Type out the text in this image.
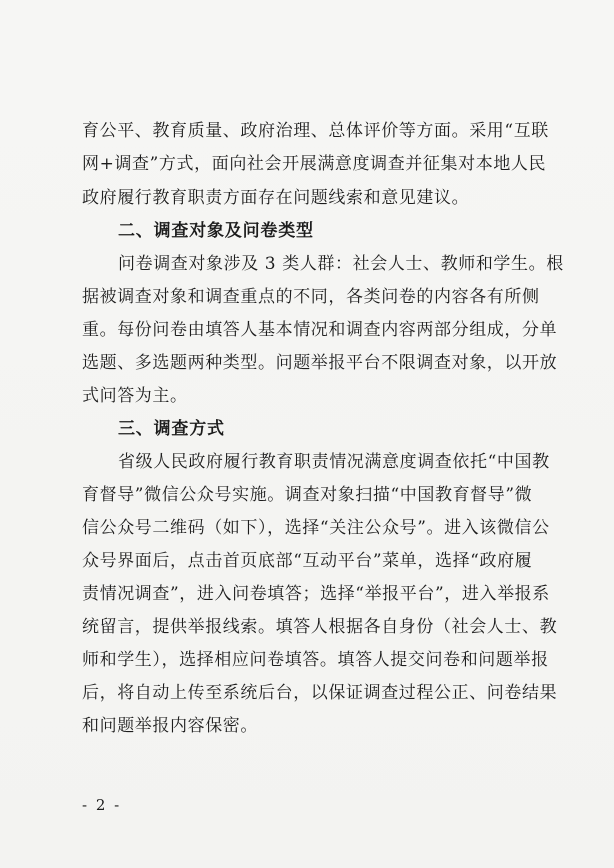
育公平、教育质量、政府治理、总体评价等方面。采用“互联
网+调查”方式，面向社会开展满意度调查并征集对本地人民
政府履行教育职责方面存在问题线索和意见建议。
二、调查对象及问卷类型
问卷调查对象涉及 3 类人群：社会人士、教师和学生。根
据被调查对象和调查重点的不同，各类问卷的内容各有所侧
重。每份问卷由填答人基本情况和调查内容两部分组成，分单
选题、多选题两种类型。问题举报平台不限调查对象，以开放
式问答为主。
三、调查方式
省级人民政府履行教育职责情况满意度调查依托“中国教
育督导”微信公众号实施。调查对象扫描“中国教育督导”微
信公众号二维码（如下），选择“关注公众号”。进入该微信公
众号界面后，点击首页底部“互动平台”菜单，选择“政府履
责情况调查”，进入问卷填答；选择“举报平台”，进入举报系
统留言，提供举报线索。填答人根据各自身份（社会人士、教
师和学生），选择相应问卷填答。填答人提交问卷和问题举报
后，将自动上传至系统后台，以保证调查过程公正、问卷结果
和问题举报内容保密。
- 2 -
